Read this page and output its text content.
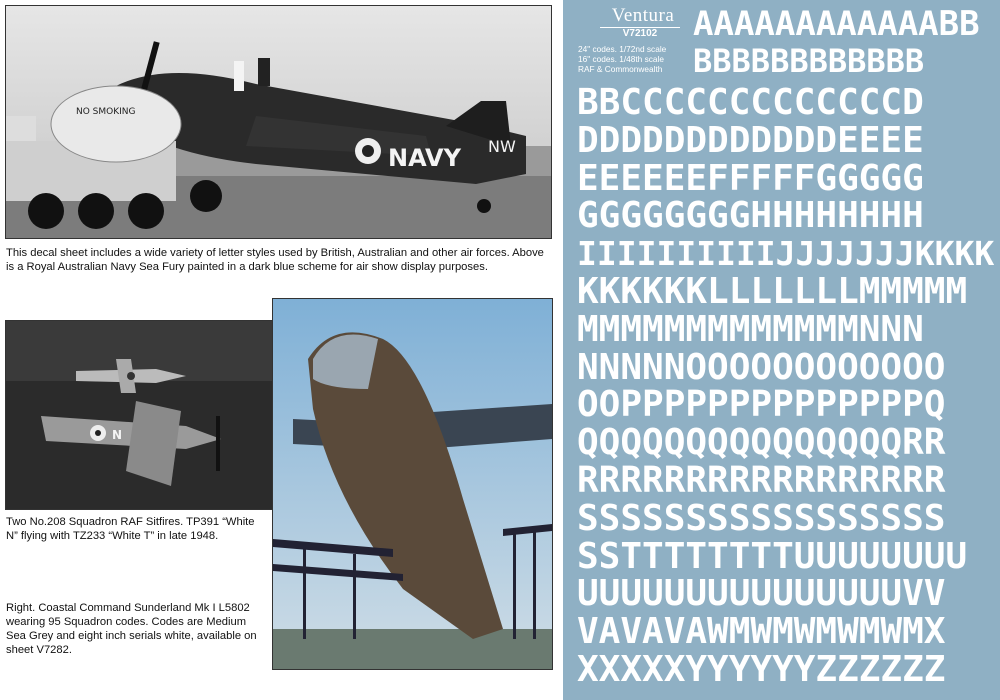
NAVY NW
NO SMOKING
This decal sheet includes a wide variety of letter styles used by British, Australian and other air forces. Above is a Royal Australian Navy Sea Fury painted in a dark blue scheme for air show display purposes.
N
Two No.208 Squadron RAF Sitfires. TP391 “White N” flying with TZ233 “White T” in late 1948.
Right. Coastal Command Sunderland Mk I L5802 wearing 95 Squadron codes. Codes are Medium Sea Grey and eight inch serials white, available on sheet V7282.
Ventura
V72102
24" codes. 1/72nd scale
16" codes. 1/48th scale
RAF & Commonwealth
AAAAAAAAAAAABB
BBBBBBBBBBBB
BBCCCCCCCCCCCCCD
DDDDDDDDDDDDEEEE
EEEEEEFFFFFGGGGG
GGGGGGGGHHHHHHHH
IIIIIIIIIIJJJJJJJKKKK
KKKKKKLLLLLLLMMMMM
MMMMMMMMMMMMMNNN
NNNNNOOOOOOOOOOOO
OOPPPPPPPPPPPPPPQ
QQQQQQQQQQQQQQQRR
RRRRRRRRRRRRRRRRR
SSSSSSSSSSSSSSSSS
SSTTTTTTTTUUUUUUUU
UUUUUUUUUUUUUUUVV
VAVAVAWMWMWMWMWMX
XXXXXYYYYYYZZZZZZ
